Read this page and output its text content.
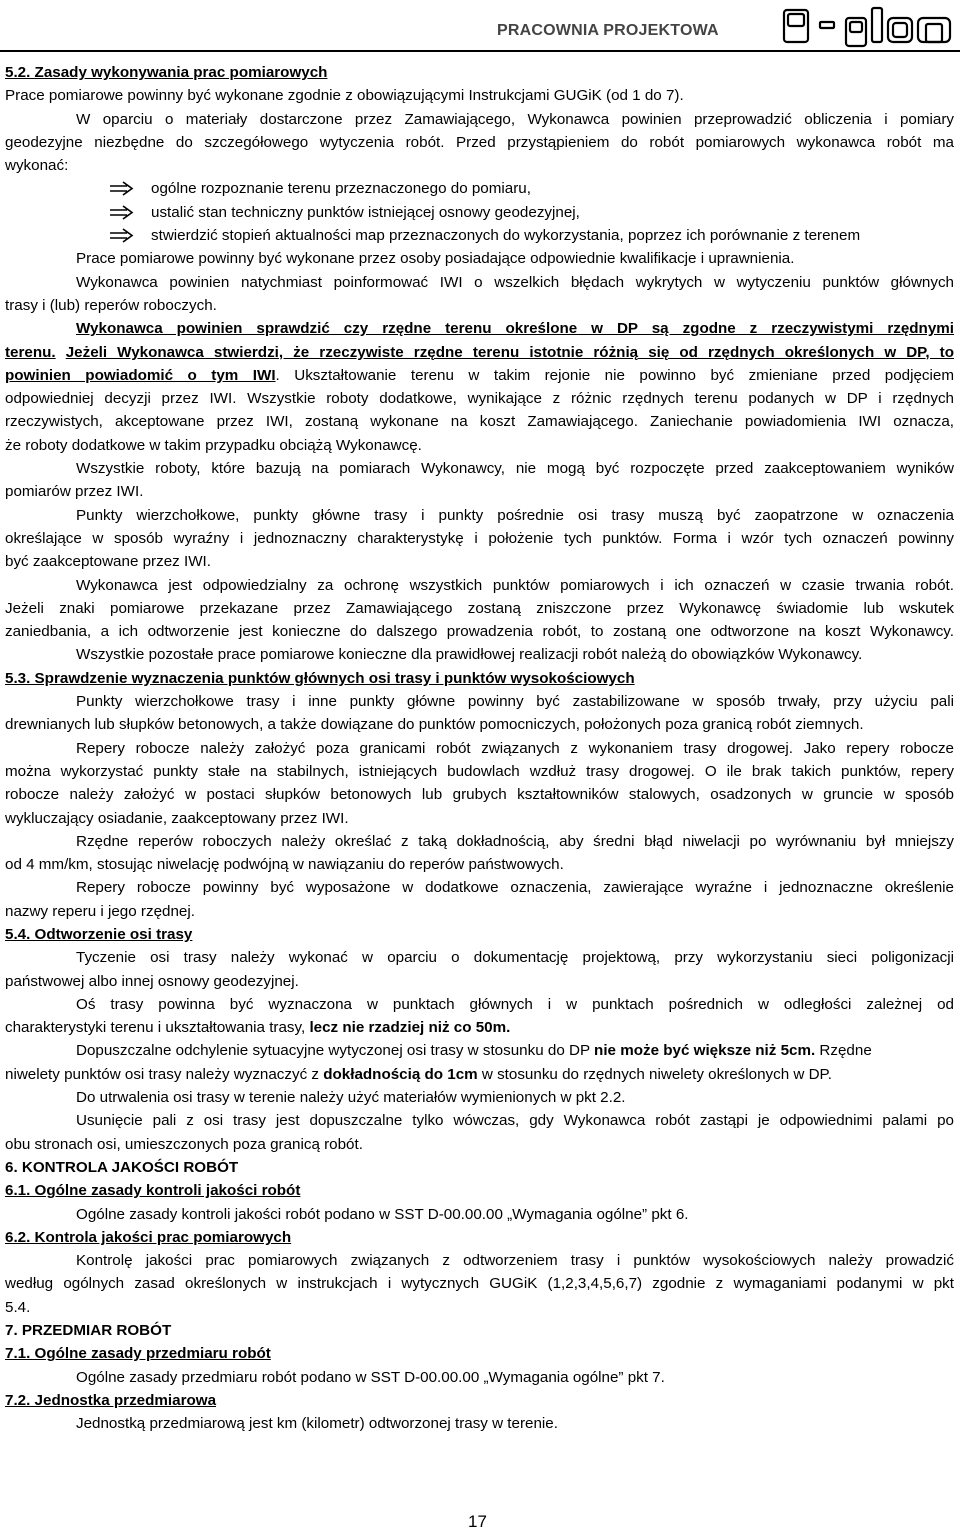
PRACOWNIA PROJEKTOWA
5.2. Zasady wykonywania prac pomiarowych
Prace pomiarowe powinny być wykonane zgodnie z obowiązującymi Instrukcjami GUGiK (od 1 do 7).
W oparciu o materiały dostarczone przez Zamawiającego, Wykonawca powinien przeprowadzić obliczenia i pomiary
geodezyjne niezbędne do szczegółowego wytyczenia robót. Przed przystąpieniem do robót pomiarowych wykonawca robót ma
wykonać:
ogólne rozpoznanie terenu przeznaczonego do pomiaru,
ustalić stan techniczny punktów istniejącej osnowy geodezyjnej,
stwierdzić stopień aktualności map przeznaczonych do wykorzystania, poprzez ich porównanie z terenem
Prace pomiarowe powinny być wykonane przez osoby posiadające odpowiednie kwalifikacje i uprawnienia.
Wykonawca powinien natychmiast poinformować IWI o wszelkich błędach wykrytych w wytyczeniu punktów głównych
trasy i (lub) reperów roboczych.
Wykonawca powinien sprawdzić czy rzędne terenu określone w DP są zgodne z rzeczywistymi rzędnymi
terenu. Jeżeli Wykonawca stwierdzi, że rzeczywiste rzędne terenu istotnie różnią się od rzędnych określonych w DP, to
powinien powiadomić o tym IWI. Ukształtowanie terenu w takim rejonie nie powinno być zmieniane przed podjęciem
odpowiedniej decyzji przez IWI. Wszystkie roboty dodatkowe, wynikające z różnic rzędnych terenu podanych w DP i rzędnych
rzeczywistych, akceptowane przez IWI, zostaną wykonane na koszt Zamawiającego. Zaniechanie powiadomienia IWI oznacza,
że roboty dodatkowe w takim przypadku obciążą Wykonawcę.
Wszystkie roboty, które bazują na pomiarach Wykonawcy, nie mogą być rozpoczęte przed zaakceptowaniem wyników
pomiarów przez IWI.
Punkty wierzchołkowe, punkty główne trasy i punkty pośrednie osi trasy muszą być zaopatrzone w oznaczenia
określające w sposób wyraźny i jednoznaczny charakterystykę i położenie tych punktów. Forma i wzór tych oznaczeń powinny
być zaakceptowane przez IWI.
Wykonawca jest odpowiedzialny za ochronę wszystkich punktów pomiarowych i ich oznaczeń w czasie trwania robót.
Jeżeli znaki pomiarowe przekazane przez Zamawiającego zostaną zniszczone przez Wykonawcę świadomie lub wskutek
zaniedbania, a ich odtworzenie jest konieczne do dalszego prowadzenia robót, to zostaną one odtworzone na koszt Wykonawcy.
Wszystkie pozostałe prace pomiarowe konieczne dla prawidłowej realizacji robót należą do obowiązków Wykonawcy.
5.3. Sprawdzenie wyznaczenia punktów głównych osi trasy i punktów wysokościowych
Punkty wierzchołkowe trasy i inne punkty główne powinny być zastabilizowane w sposób trwały, przy użyciu pali
drewnianych lub słupków betonowych, a także dowiązane do punktów pomocniczych, położonych poza granicą robót ziemnych.
Repery robocze należy założyć poza granicami robót związanych z wykonaniem trasy drogowej. Jako repery robocze
można wykorzystać punkty stałe na stabilnych, istniejących budowlach wzdłuż trasy drogowej. O ile brak takich punktów, repery
robocze należy założyć w postaci słupków betonowych lub grubych kształtowników stalowych, osadzonych w gruncie w sposób
wykluczający osiadanie, zaakceptowany przez IWI.
Rzędne reperów roboczych należy określać z taką dokładnością, aby średni błąd niwelacji po wyrównaniu był mniejszy
od 4 mm/km, stosując niwelację podwójną w nawiązaniu do reperów państwowych.
Repery robocze powinny być wyposażone w dodatkowe oznaczenia, zawierające wyraźne i jednoznaczne określenie
nazwy reperu i jego rzędnej.
5.4. Odtworzenie osi trasy
Tyczenie osi trasy należy wykonać w oparciu o dokumentację projektową, przy wykorzystaniu sieci poligonizacji
państwowej albo innej osnowy geodezyjnej.
Oś trasy powinna być wyznaczona w punktach głównych i w punktach pośrednich w odległości zależnej od
charakterystyki terenu i ukształtowania trasy, lecz nie rzadziej niż co 50m.
Dopuszczalne odchylenie sytuacyjne wytyczonej osi trasy w stosunku do DP nie może być większe niż 5cm. Rzędne
niwelety punktów osi trasy należy wyznaczyć z dokładnością do 1cm w stosunku do rzędnych niwelety określonych w DP.
Do utrwalenia osi trasy w terenie należy użyć materiałów wymienionych w pkt 2.2.
Usunięcie pali z osi trasy jest dopuszczalne tylko wówczas, gdy Wykonawca robót zastąpi je odpowiednimi palami po
obu stronach osi, umieszczonych poza granicą robót.
6. KONTROLA JAKOŚCI ROBÓT
6.1. Ogólne zasady kontroli jakości robót
Ogólne zasady kontroli jakości robót podano w SST D-00.00.00 „Wymagania ogólne” pkt 6.
6.2. Kontrola jakości prac pomiarowych
Kontrolę jakości prac pomiarowych związanych z odtworzeniem trasy i punktów wysokościowych należy prowadzić
według ogólnych zasad określonych w instrukcjach i wytycznych GUGiK (1,2,3,4,5,6,7) zgodnie z wymaganiami podanymi w pkt
5.4.
7. PRZEDMIAR ROBÓT
7.1. Ogólne zasady przedmiaru robót
Ogólne zasady przedmiaru robót podano w SST D-00.00.00 „Wymagania ogólne” pkt 7.
7.2. Jednostka przedmiarowa
Jednostką przedmiarową jest km (kilometr) odtworzonej trasy w terenie.
17
